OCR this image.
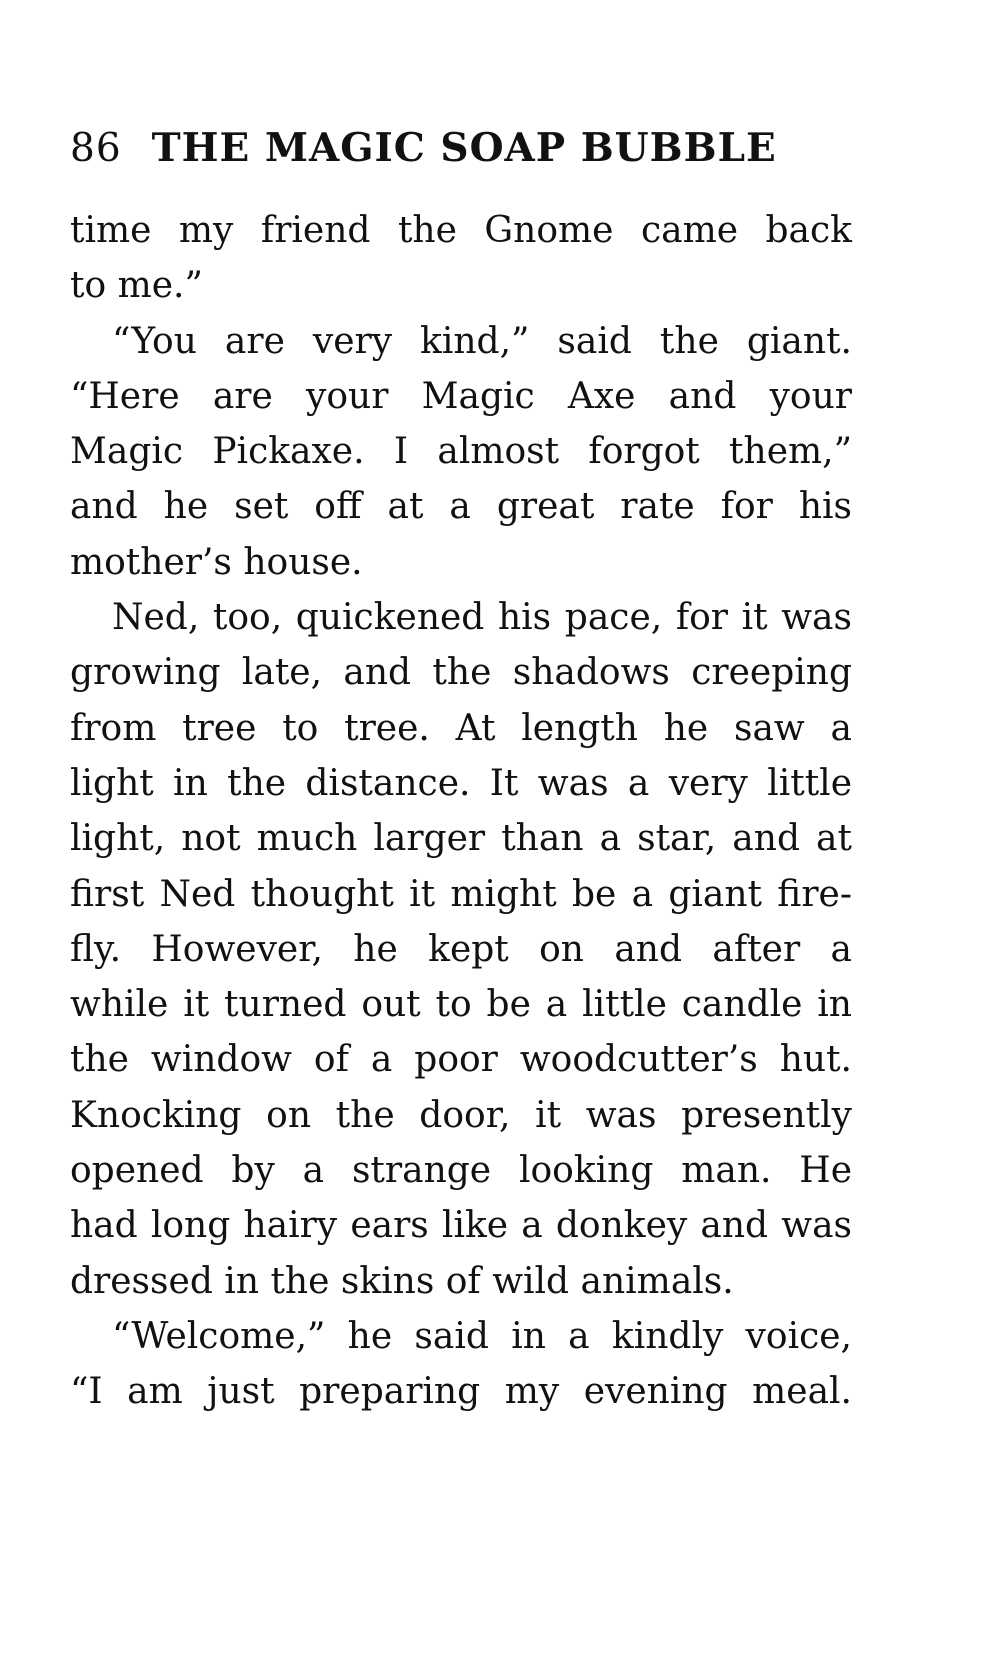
86 THE MAGIC SOAP BUBBLE
time my friend the Gnome came back
to me.”
“You are very kind,” said the giant.
“Here are your Magic Axe and your
Magic Pickaxe. I almost forgot them,”
and he set off at a great rate for his
mother’s house.
Ned, too, quickened his pace, for it was
growing late, and the shadows creeping
from tree to tree. At length he saw a
light in the distance. It was a very little
light, not much larger than a star, and at
first Ned thought it might be a giant fire-
fly. However, he kept on and after a
while it turned out to be a little candle in
the window of a poor woodcutter’s hut.
Knocking on the door, it was presently
opened by a strange looking man. He
had long hairy ears like a donkey and was
dressed in the skins of wild animals.
“Welcome,” he said in a kindly voice,
“I am just preparing my evening meal.
